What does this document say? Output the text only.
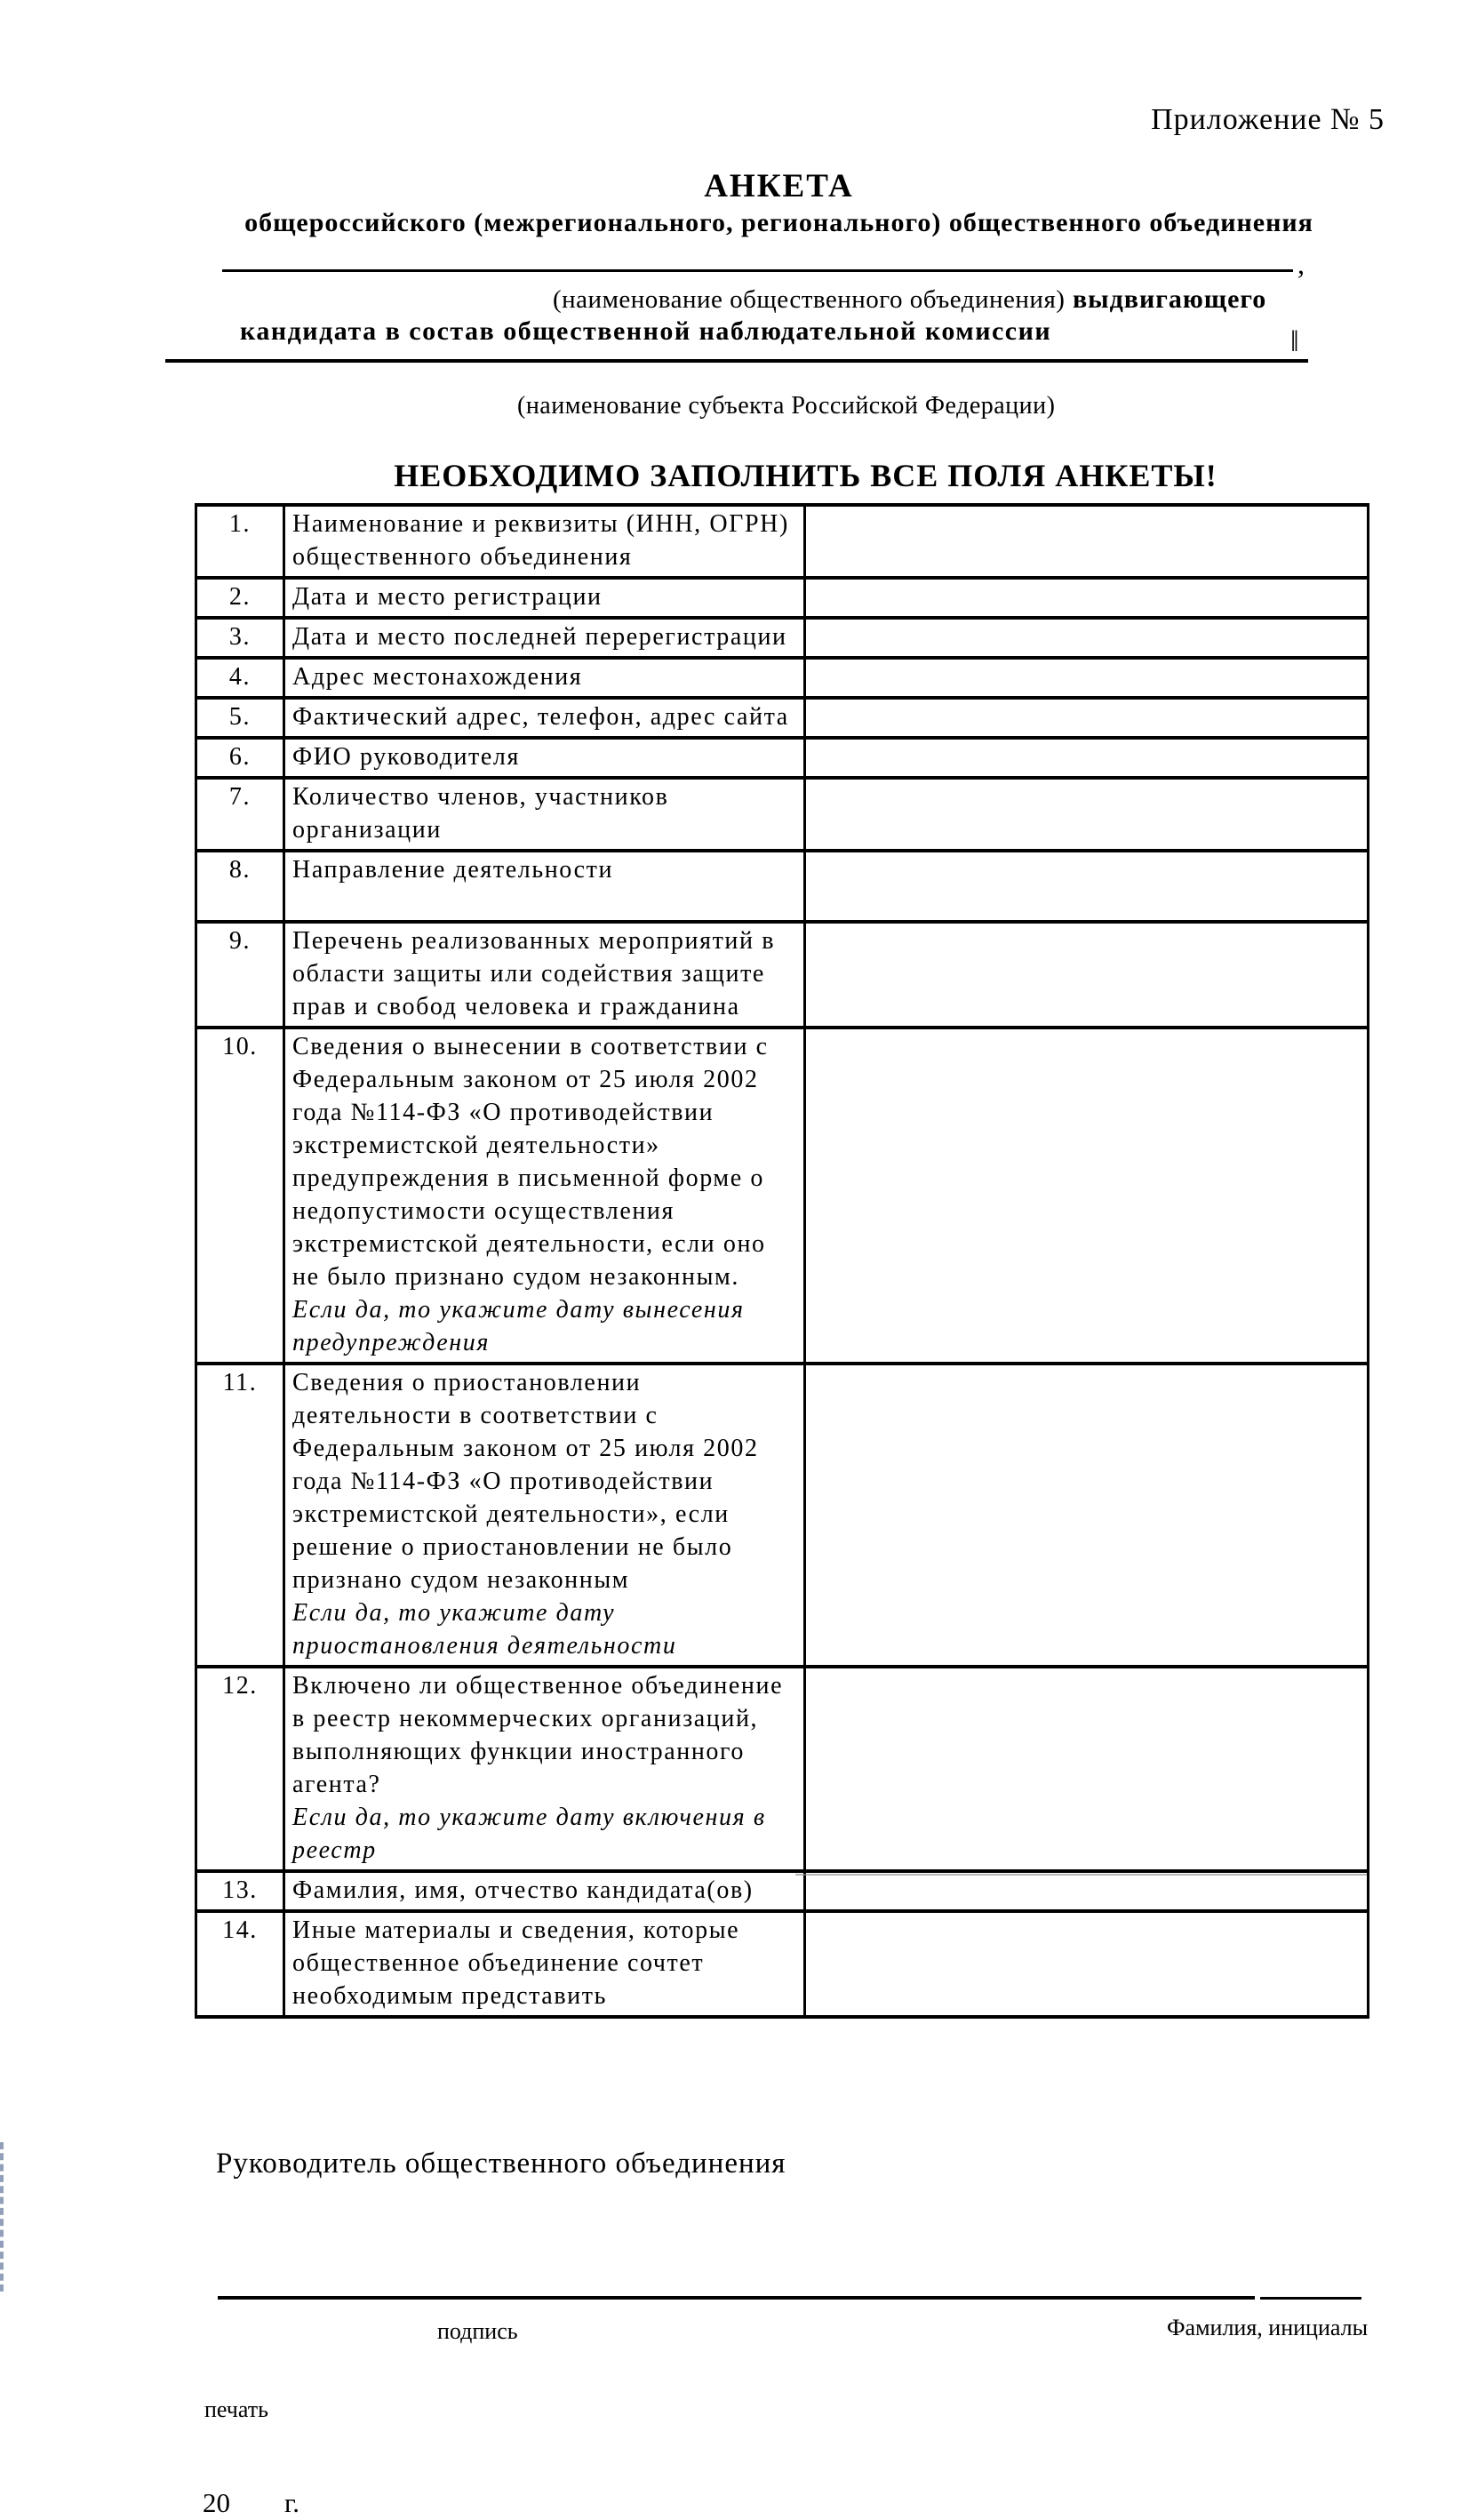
Приложение № 5
АНКЕТА
общероссийского (межрегионального, регионального) общественного объединения
,
(наименование общественного объединения) выдвигающего
кандидата в состав общественной наблюдательной комиссии	‖
(наименование субъекта Российской Федерации)
НЕОБХОДИМО ЗАПОЛНИТЬ ВСЕ ПОЛЯ АНКЕТЫ!
1.	Наименование и реквизиты (ИНН, ОГРН) общественного объединения

2.	Дата и место регистрации

3.	Дата и место последней перерегистрации

4.	Адрес местонахождения

5.	Фактический адрес, телефон, адрес сайта

6.	ФИО руководителя

7.	Количество членов, участников организации

8.	Направление деятельности

9.	Перечень реализованных мероприятий в области защиты или содействия защите прав и свобод человека и гражданина

10.	Сведения о вынесении в соответствии с Федеральным законом от 25 июля 2002 года №114-ФЗ «О противодействии экстремистской деятельности» предупреждения в письменной форме о недопустимости осуществления экстремистской деятельности, если оно не было признано судом незаконным.
Если да, то укажите дату вынесения предупреждения	

11.	Сведения о приостановлении деятельности в соответствии с Федеральным законом от 25 июля 2002 года №114-ФЗ «О противодействии экстремистской деятельности», если решение о приостановлении не было признано судом незаконным
Если да, то укажите дату приостановления деятельности	

12.	Включено ли общественное объединение в реестр некоммерческих организаций, выполняющих функции иностранного агента?
Если да, то укажите дату включения в реестр	

13.	Фамилия, имя, отчество кандидата(ов)

14.	Иные материалы и сведения, которые общественное объединение сочтет необходимым представить

Руководитель общественного объединения
подпись	Фамилия, инициалы
печать
20 г.
